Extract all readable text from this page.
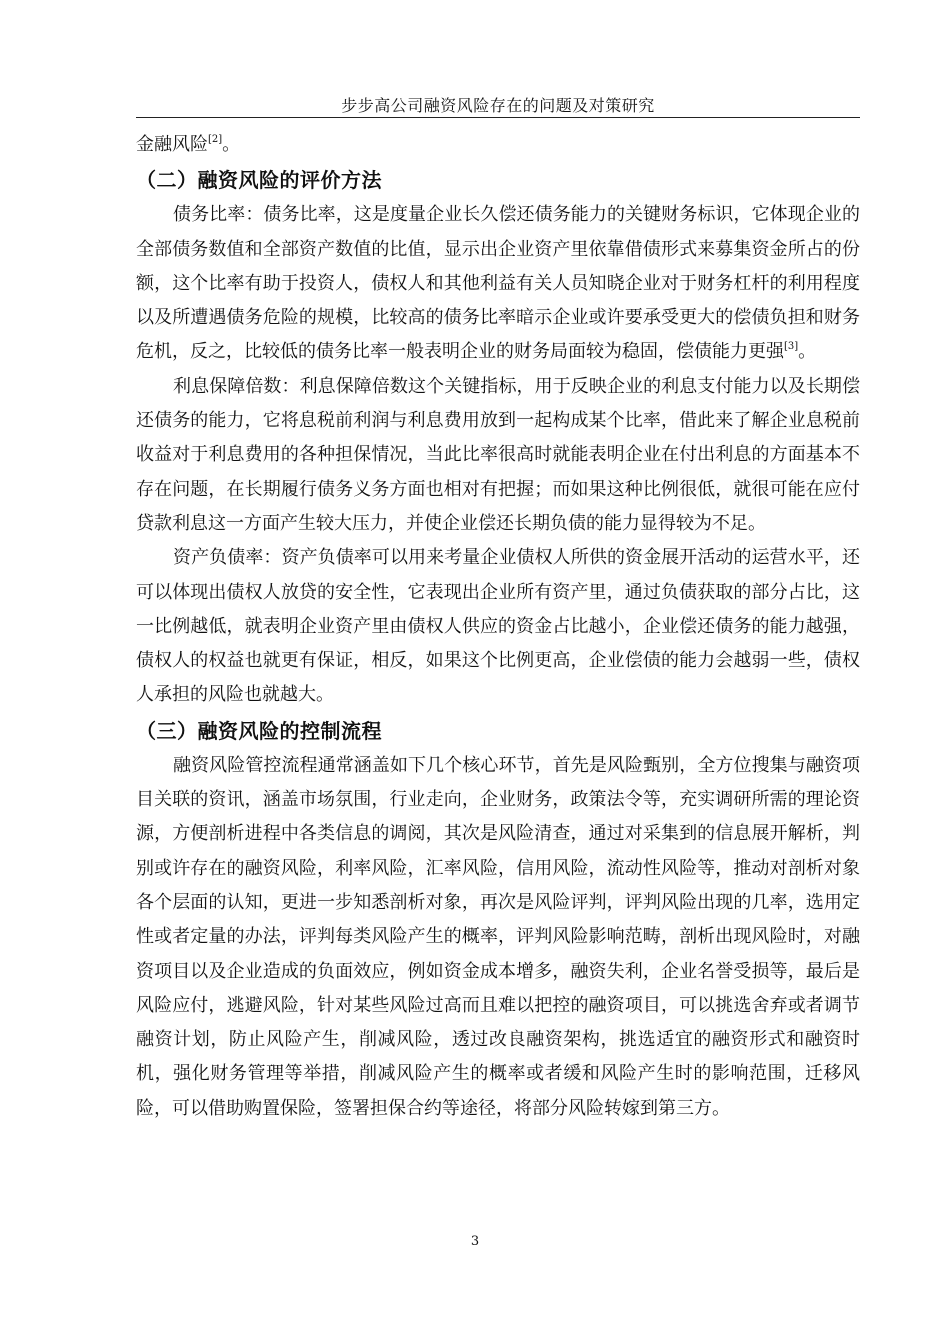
步步高公司融资风险存在的问题及对策研究

金融风险[2]。

（二）融资风险的评价方法

债务比率：债务比率，这是度量企业长久偿还债务能力的关键财务标识，它体现企业的全部债务数值和全部资产数值的比值，显示出企业资产里依靠借债形式来募集资金所占的份额，这个比率有助于投资人，债权人和其他利益有关人员知晓企业对于财务杠杆的利用程度以及所遭遇债务危险的规模，比较高的债务比率暗示企业或许要承受更大的偿债负担和财务危机，反之，比较低的债务比率一般表明企业的财务局面较为稳固，偿债能力更强[3]。

利息保障倍数：利息保障倍数这个关键指标，用于反映企业的利息支付能力以及长期偿还债务的能力，它将息税前利润与利息费用放到一起构成某个比率，借此来了解企业息税前收益对于利息费用的各种担保情况，当此比率很高时就能表明企业在付出利息的方面基本不存在问题，在长期履行债务义务方面也相对有把握；而如果这种比例很低，就很可能在应付贷款利息这一方面产生较大压力，并使企业偿还长期负债的能力显得较为不足。

资产负债率：资产负债率可以用来考量企业债权人所供的资金展开活动的运营水平，还可以体现出债权人放贷的安全性，它表现出企业所有资产里，通过负债获取的部分占比，这一比例越低，就表明企业资产里由债权人供应的资金占比越小，企业偿还债务的能力越强，债权人的权益也就更有保证，相反，如果这个比例更高，企业偿债的能力会越弱一些，债权人承担的风险也就越大。

（三）融资风险的控制流程

融资风险管控流程通常涵盖如下几个核心环节，首先是风险甄别，全方位搜集与融资项目关联的资讯，涵盖市场氛围，行业走向，企业财务，政策法令等，充实调研所需的理论资源，方便剖析进程中各类信息的调阅，其次是风险清查，通过对采集到的信息展开解析，判别或许存在的融资风险，利率风险，汇率风险，信用风险，流动性风险等，推动对剖析对象各个层面的认知，更进一步知悉剖析对象，再次是风险评判，评判风险出现的几率，选用定性或者定量的办法，评判每类风险产生的概率，评判风险影响范畴，剖析出现风险时，对融资项目以及企业造成的负面效应，例如资金成本增多，融资失利，企业名誉受损等，最后是风险应付，逃避风险，针对某些风险过高而且难以把控的融资项目，可以挑选舍弃或者调节融资计划，防止风险产生，削减风险，透过改良融资架构，挑选适宜的融资形式和融资时机，强化财务管理等举措，削减风险产生的概率或者缓和风险产生时的影响范围，迁移风险，可以借助购置保险，签署担保合约等途径，将部分风险转嫁到第三方。

3
